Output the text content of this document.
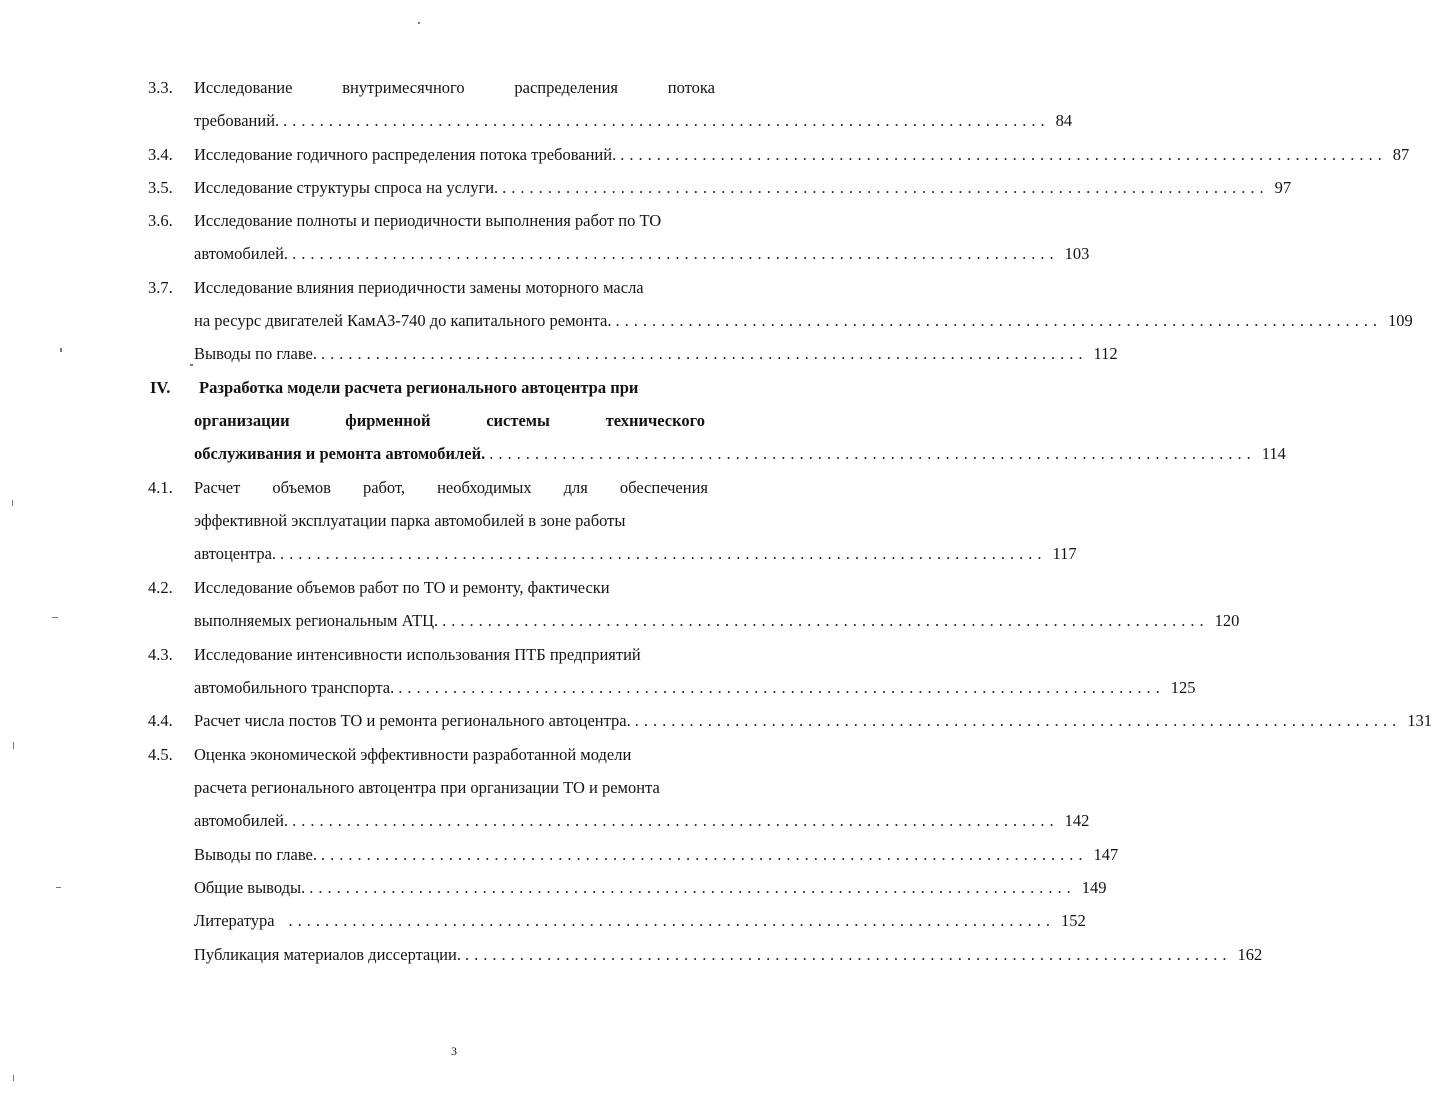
3.3. Исследование	внутримесячного	распределения	потока
требований. .................................................................................... 84
3.4. Исследование годичного распределения потока требований. .................................................................................... 87
3.5. Исследование структуры спроса на услуги. .................................................................................... 97
3.6. Исследование полноты и периодичности выполнения работ по ТО
автомобилей. .................................................................................... 103
3.7. Исследование влияния периодичности замены моторного масла
на ресурс двигателей КамАЗ-740 до капитального ремонта. .................................................................................... 109
Выводы по главе. .................................................................................... 112
IV. Разработка модели расчета регионального автоцентра при
организации	фирменной	системы	технического
обслуживания и ремонта автомобилей. .................................................................................... 114
4.1. Расчет объемов работ, необходимых для обеспечения
эффективной эксплуатации парка автомобилей в зоне работы
автоцентра. .................................................................................... 117
4.2. Исследование объемов работ по ТО и ремонту, фактически
выполняемых региональным АТЦ. .................................................................................... 120
4.3. Исследование интенсивности использования ПТБ предприятий
автомобильного транспорта. .................................................................................... 125
4.4. Расчет числа постов ТО и ремонта регионального автоцентра. .................................................................................... 131
4.5. Оценка экономической эффективности разработанной модели
расчета регионального автоцентра при организации ТО и ремонта
автомобилей. .................................................................................... 142
Выводы по главе. .................................................................................... 147
Общие выводы. .................................................................................... 149
Литература .................................................................................... 152
Публикация материалов диссертации. .................................................................................... 162
3
